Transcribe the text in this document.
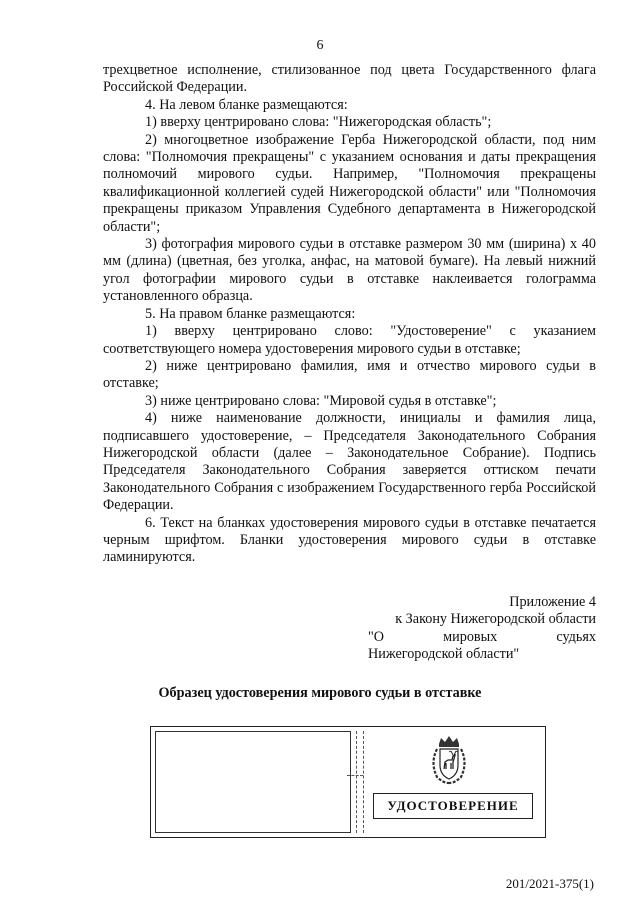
6

трехцветное исполнение, стилизованное под цвета Государственного флага Российской Федерации.

4. На левом бланке размещаются:

1) вверху центрировано слова: "Нижегородская область";

2) многоцветное изображение Герба Нижегородской области, под ним слова: "Полномочия прекращены" с указанием основания и даты прекращения полномочий мирового судьи. Например, "Полномочия прекращены квалификационной коллегией судей Нижегородской области" или "Полномочия прекращены приказом Управления Судебного департамента в Нижегородской области";

3) фотография мирового судьи в отставке размером 30 мм (ширина) х 40 мм (длина) (цветная, без уголка, анфас, на матовой бумаге). На левый нижний угол фотографии мирового судьи в отставке наклеивается голограмма установленного образца.

5. На правом бланке размещаются:

1) вверху центрировано слово: "Удостоверение" с указанием соответствующего номера удостоверения мирового судьи в отставке;

2) ниже центрировано фамилия, имя и отчество мирового судьи в отставке;

3) ниже центрировано слова: "Мировой судья в отставке";

4) ниже наименование должности, инициалы и фамилия лица, подписавшего удостоверение, – Председателя Законодательного Собрания Нижегородской области (далее – Законодательное Собрание). Подпись Председателя Законодательного Собрания заверяется оттиском печати Законодательного Собрания с изображением Государственного герба Российской Федерации.

6. Текст на бланках удостоверения мирового судьи в отставке печатается черным шрифтом. Бланки удостоверения мирового судьи в отставке ламинируются.

Приложение 4
к Закону Нижегородской области
"О мировых судьях
Нижегородской области"
Образец удостоверения мирового судьи в отставке
УДОСТОВЕРЕНИЕ
201/2021-375(1)
